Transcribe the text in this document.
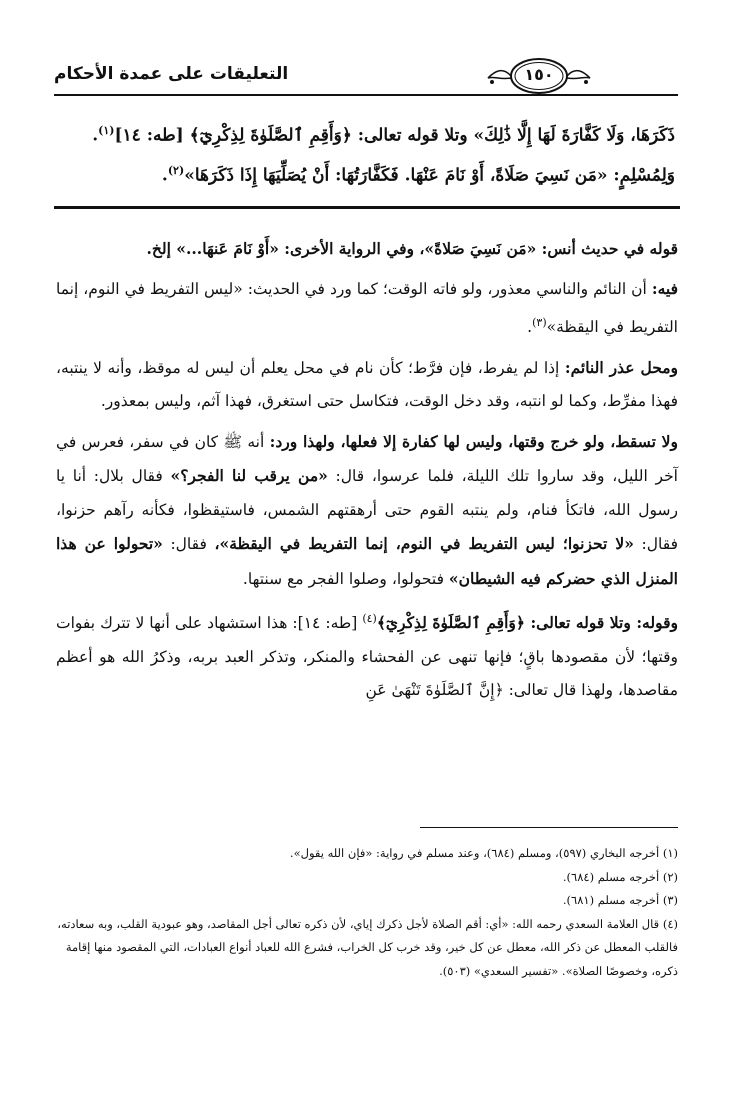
التعليقات على عمدة الأحكام	١٥٠
ذَكَرَهَا، وَلَا كَفَّارَةَ لَهَا إِلَّا ذَٰلِكَ» وتلا قوله تعالى: ﴿وَأَقِمِ ٱلصَّلَوٰةَ لِذِكْرِيٓ﴾ [طه: ١٤]$^{(١)}$.
وَلِمُسْلِمٍ: «مَن نَسِيَ صَلَاةً، أَوْ نَامَ عَنْهَا. فَكَفَّارَتُهَا: أَنْ يُصَلِّيَهَا إِذَا ذَكَرَهَا»$^{(٢)}$.

قوله في حديث أنس: «مَن نَسِيَ صَلاةً»، وفي الرواية الأخرى: «أَوْ نَامَ عَنهَا...» إلخ.

فيه: أن النائم والناسي معذور، ولو فاته الوقت؛ كما ورد في الحديث: «ليس التفريط في النوم، إنما التفريط في اليقظة»$^{(٣)}$.

ومحل عذر النائم: إذا لم يفرط، فإن فرَّط؛ كأن نام في محل يعلم أن ليس له موقظ، وأنه لا ينتبه، فهذا مفرِّط، وكما لو انتبه، وقد دخل الوقت، فتكاسل حتى استغرق، فهذا آثم، وليس بمعذور.

ولا تسقط، ولو خرج وقتها، وليس لها كفارة إلا فعلها، ولهذا ورد: أنه ﷺ كان في سفر، فعرس في آخر الليل، وقد ساروا تلك الليلة، فلما عرسوا، قال: «من يرقب لنا الفجر؟» فقال بلال: أنا يا رسول الله، فاتكأ فنام، ولم ينتبه القوم حتى أرهقتهم الشمس، فاستيقظوا، فكأنه رآهم حزنوا، فقال: «لا تحزنوا؛ ليس التفريط في النوم، إنما التفريط في اليقظة»، فقال: «تحولوا عن هذا المنزل الذي حضركم فيه الشيطان» فتحولوا، وصلوا الفجر مع سنتها.

وقوله: وتلا قوله تعالى: ﴿وَأَقِمِ ٱلصَّلَوٰةَ لِذِكْرِيٓ﴾$^{(٤)}$ [طه: ١٤]: هذا استشهاد على أنها لا تترك بفوات وقتها؛ لأن مقصودها باقٍ؛ فإنها تنهى عن الفحشاء والمنكر، وتذكر العبد بربه، وذكرُ الله هو أعظم مقاصدها، ولهذا قال تعالى: ﴿إِنَّ ٱلصَّلَوٰةَ تَنْهَىٰ عَنِ

(١) أخرجه البخاري (٥٩٧)، ومسلم (٦٨٤)، وعند مسلم في رواية: «فإن الله يقول».

(٢) أخرجه مسلم (٦٨٤).

(٣) أخرجه مسلم (٦٨١).

(٤) قال العلامة السعدي رحمه الله: «أي: أقم الصلاة لأجل ذكرك إياي، لأن ذكره تعالى أجل المقاصد، وهو عبودية القلب، وبه سعادته، فالقلب المعطل عن ذكر الله، معطل عن كل خير، وقد خرب كل الخراب، فشرع الله للعباد أنواع العبادات، التي المقصود منها إقامة ذكره، وخصوصًا الصلاة». «تفسير السعدي» (٥٠٣).
